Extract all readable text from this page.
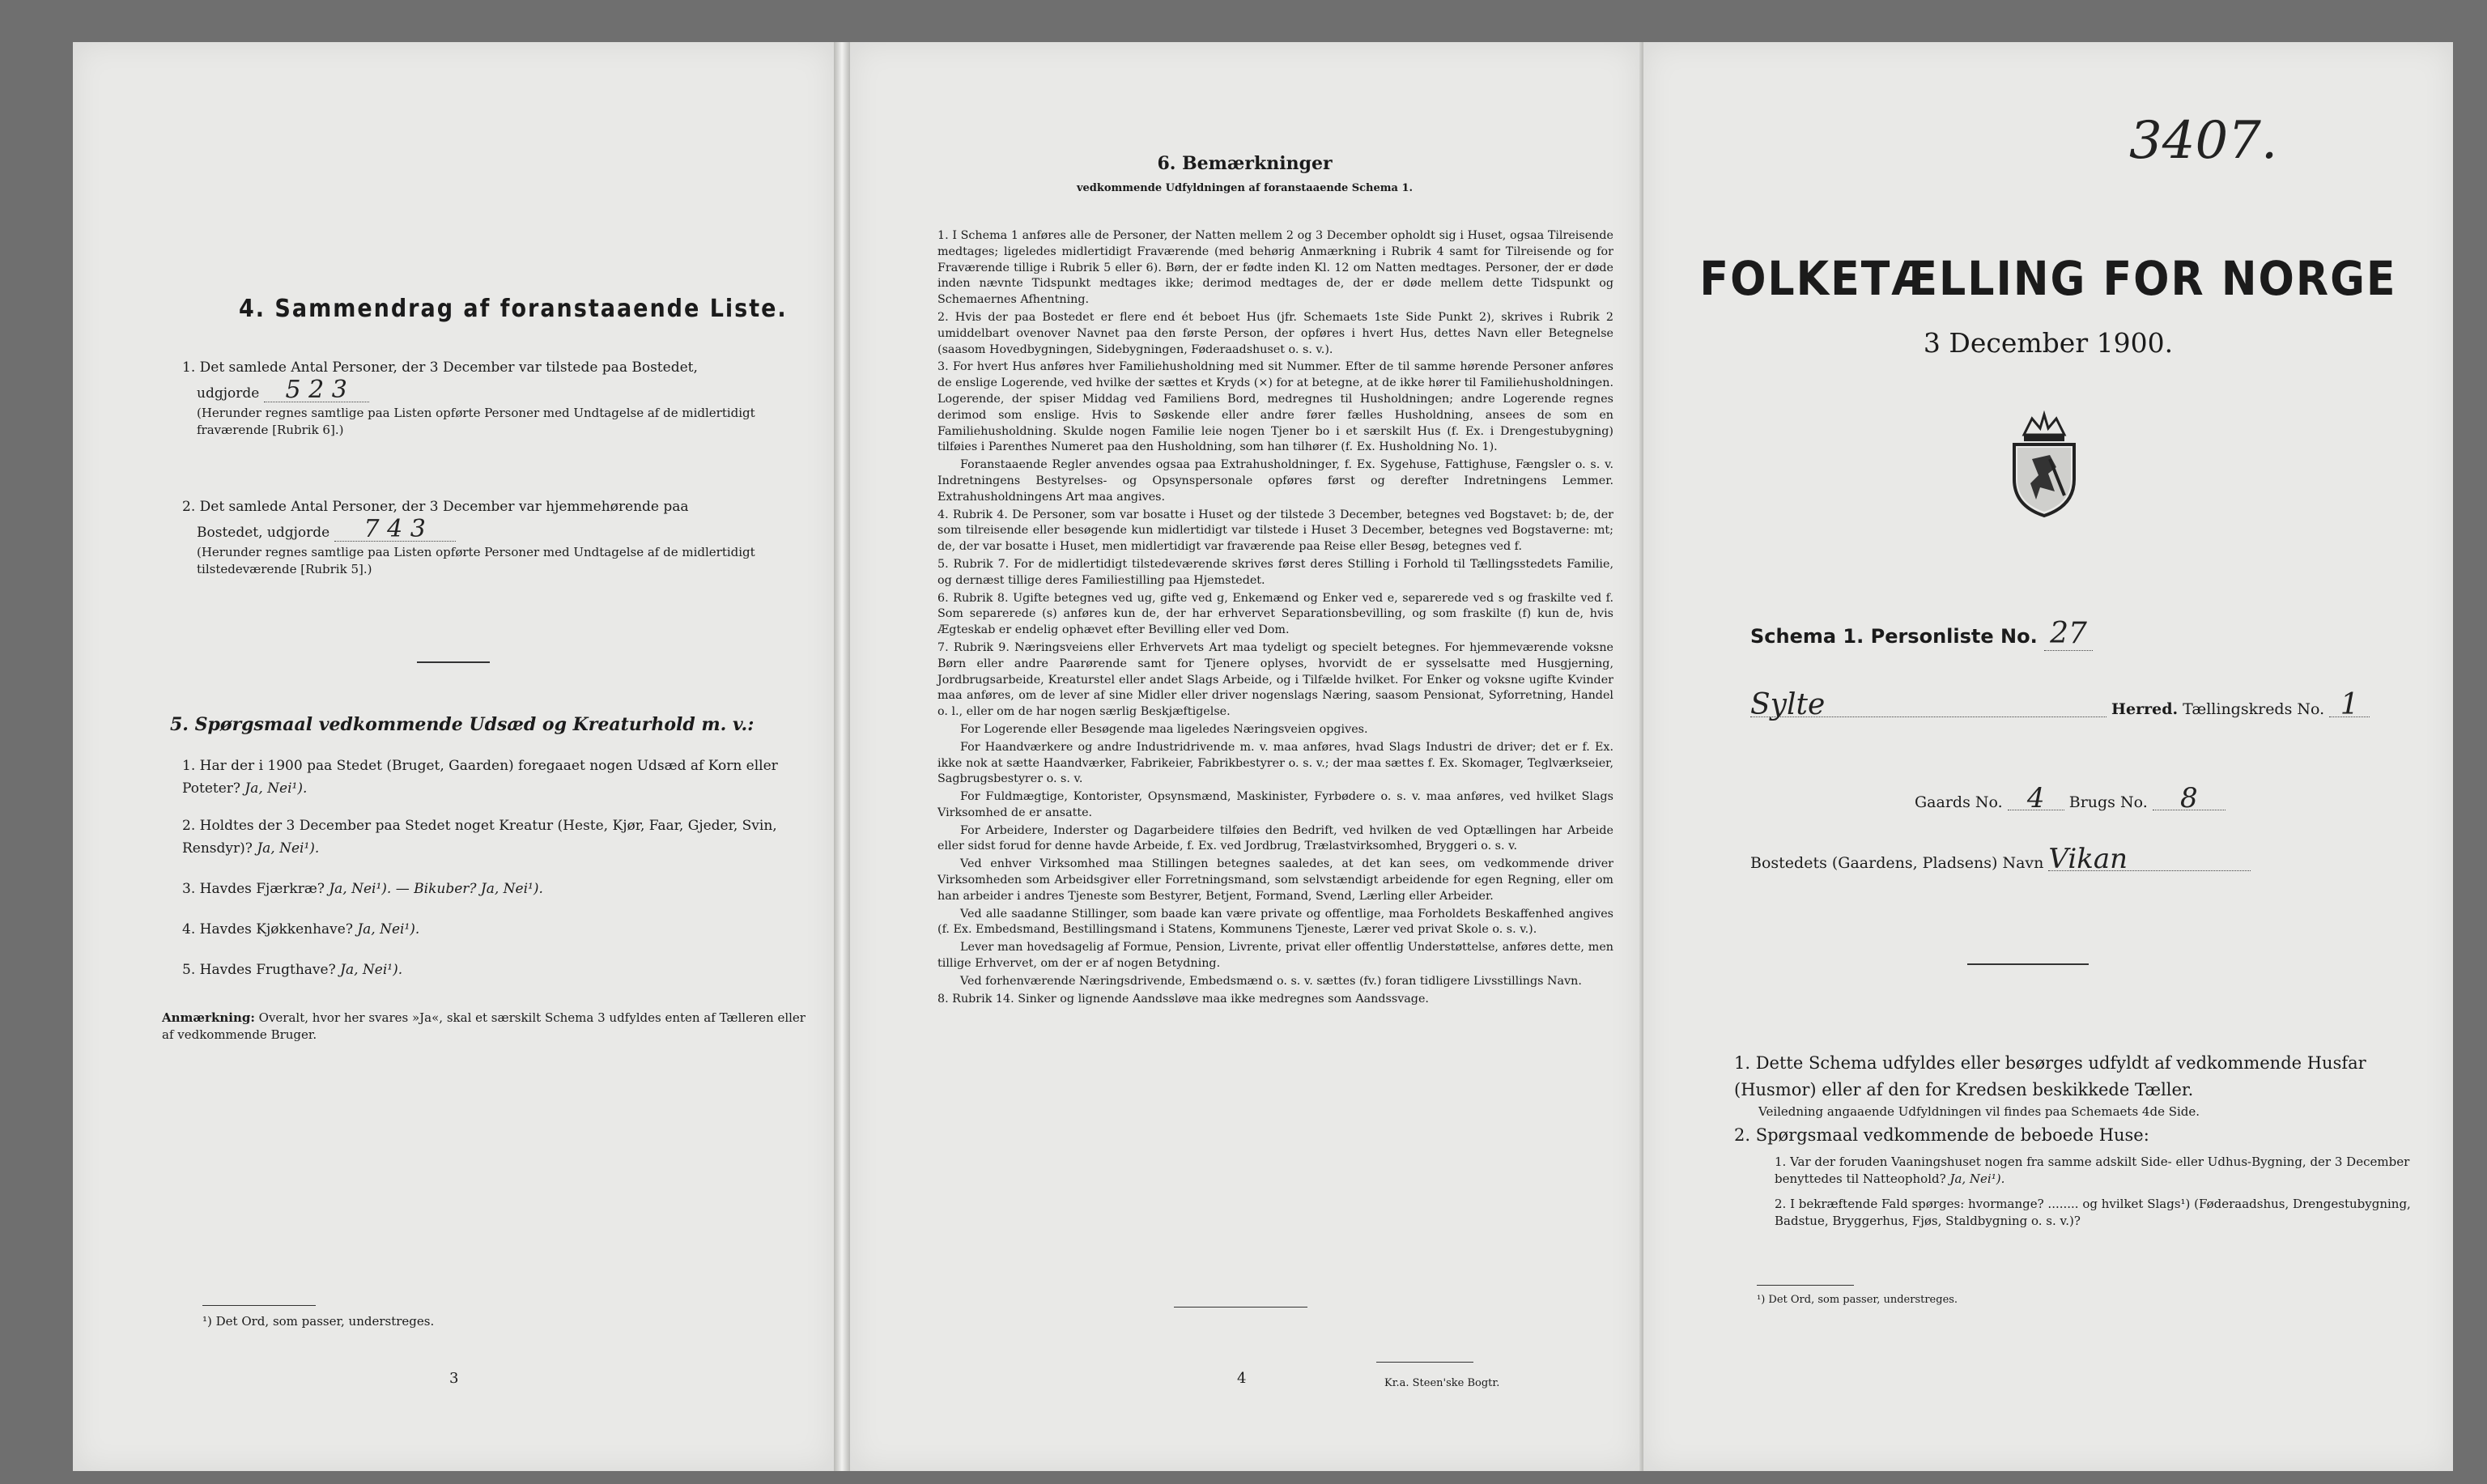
4. Sammendrag af foranstaaende Liste.
1. Det samlede Antal Personer, der 3 December var tilstede paa Bostedet,
udgjorde 5 2 3
(Herunder regnes samtlige paa Listen opførte Personer med Undtagelse af de midlertidigt fraværende [Rubrik 6].)
2. Det samlede Antal Personer, der 3 December var hjemmehørende paa
Bostedet, udgjorde 7 4 3
(Herunder regnes samtlige paa Listen opførte Personer med Undtagelse af de midlertidigt tilstedeværende [Rubrik 5].)
5. Spørgsmaal vedkommende Udsæd og Kreaturhold m. v.:
1. Har der i 1900 paa Stedet (Bruget, Gaarden) foregaaet nogen Udsæd af Korn eller Poteter? Ja, Nei¹).
2. Holdtes der 3 December paa Stedet noget Kreatur (Heste, Kjør, Faar, Gjeder, Svin, Rensdyr)? Ja, Nei¹).
3. Havdes Fjærkræ? Ja, Nei¹). — Bikuber? Ja, Nei¹).
4. Havdes Kjøkkenhave? Ja, Nei¹).
5. Havdes Frugthave? Ja, Nei¹).
Anmærkning: Overalt, hvor her svares »Ja«, skal et særskilt Schema 3 udfyldes enten af Tælleren eller af vedkommende Bruger.
¹) Det Ord, som passer, understreges.
3
6. Bemærkninger
vedkommende Udfyldningen af foranstaaende Schema 1.
1. I Schema 1 anføres alle de Personer, der Natten mellem 2 og 3 December opholdt sig i Huset, ogsaa Tilreisende medtages; ligeledes midlertidigt Fraværende (med behørig Anmærkning i Rubrik 4 samt for Tilreisende og for Fraværende tillige i Rubrik 5 eller 6). Børn, der er fødte inden Kl. 12 om Natten medtages. Personer, der er døde inden nævnte Tidspunkt medtages ikke; derimod medtages de, der er døde mellem dette Tidspunkt og Schemaernes Afhentning.
2. Hvis der paa Bostedet er flere end ét beboet Hus (jfr. Schemaets 1ste Side Punkt 2), skrives i Rubrik 2 umiddelbart ovenover Navnet paa den første Person, der opføres i hvert Hus, dettes Navn eller Betegnelse (saasom Hovedbygningen, Sidebygningen, Føderaadshuset o. s. v.).
3. For hvert Hus anføres hver Familiehusholdning med sit Nummer. Efter de til samme hørende Personer anføres de enslige Logerende, ved hvilke der sættes et Kryds (×) for at betegne, at de ikke hører til Familiehusholdningen. Logerende, der spiser Middag ved Familiens Bord, medregnes til Husholdningen; andre Logerende regnes derimod som enslige. Hvis to Søskende eller andre fører fælles Husholdning, ansees de som en Familiehusholdning. Skulde nogen Familie leie nogen Tjener bo i et særskilt Hus (f. Ex. i Drengestubygning) tilføies i Parenthes Numeret paa den Husholdning, som han tilhører (f. Ex. Husholdning No. 1).
Foranstaaende Regler anvendes ogsaa paa Extrahusholdninger, f. Ex. Sygehuse, Fattighuse, Fængsler o. s. v. Indretningens Bestyrelses- og Opsynspersonale opføres først og derefter Indretningens Lemmer. Extrahusholdningens Art maa angives.
4. Rubrik 4. De Personer, som var bosatte i Huset og der tilstede 3 December, betegnes ved Bogstavet: b; de, der som tilreisende eller besøgende kun midlertidigt var tilstede i Huset 3 December, betegnes ved Bogstaverne: mt; de, der var bosatte i Huset, men midlertidigt var fraværende paa Reise eller Besøg, betegnes ved f.
5. Rubrik 7. For de midlertidigt tilstedeværende skrives først deres Stilling i Forhold til Tællingsstedets Familie, og dernæst tillige deres Familiestilling paa Hjemstedet.
6. Rubrik 8. Ugifte betegnes ved ug, gifte ved g, Enkemænd og Enker ved e, separerede ved s og fraskilte ved f. Som separerede (s) anføres kun de, der har erhvervet Separationsbevilling, og som fraskilte (f) kun de, hvis Ægteskab er endelig ophævet efter Bevilling eller ved Dom.
7. Rubrik 9. Næringsveiens eller Erhvervets Art maa tydeligt og specielt betegnes. For hjemmeværende voksne Børn eller andre Paarørende samt for Tjenere oplyses, hvorvidt de er sysselsatte med Husgjerning, Jordbrugsarbeide, Kreaturstel eller andet Slags Arbeide, og i Tilfælde hvilket. For Enker og voksne ugifte Kvinder maa anføres, om de lever af sine Midler eller driver nogenslags Næring, saasom Pensionat, Syforretning, Handel o. l., eller om de har nogen særlig Beskjæftigelse.
For Logerende eller Besøgende maa ligeledes Næringsveien opgives.
For Haandværkere og andre Industridrivende m. v. maa anføres, hvad Slags Industri de driver; det er f. Ex. ikke nok at sætte Haandværker, Fabrikeier, Fabrikbestyrer o. s. v.; der maa sættes f. Ex. Skomager, Teglværkseier, Sagbrugsbestyrer o. s. v.
For Fuldmægtige, Kontorister, Opsynsmænd, Maskinister, Fyrbødere o. s. v. maa anføres, ved hvilket Slags Virksomhed de er ansatte.
For Arbeidere, Inderster og Dagarbeidere tilføies den Bedrift, ved hvilken de ved Optællingen har Arbeide eller sidst forud for denne havde Arbeide, f. Ex. ved Jordbrug, Trælastvirksomhed, Bryggeri o. s. v.
Ved enhver Virksomhed maa Stillingen betegnes saaledes, at det kan sees, om vedkommende driver Virksomheden som Arbeidsgiver eller Forretningsmand, som selvstændigt arbeidende for egen Regning, eller om han arbeider i andres Tjeneste som Bestyrer, Betjent, Formand, Svend, Lærling eller Arbeider.
Ved alle saadanne Stillinger, som baade kan være private og offentlige, maa Forholdets Beskaffenhed angives (f. Ex. Embedsmand, Bestillingsmand i Statens, Kommunens Tjeneste, Lærer ved privat Skole o. s. v.).
Lever man hovedsagelig af Formue, Pension, Livrente, privat eller offentlig Understøttelse, anføres dette, men tillige Erhvervet, om der er af nogen Betydning.
Ved forhenværende Næringsdrivende, Embedsmænd o. s. v. sættes (fv.) foran tidligere Livsstillings Navn.
8. Rubrik 14. Sinker og lignende Aandssløve maa ikke medregnes som Aandssvage.
4	Kr.a. Steen'ske Bogtr.
3407.
FOLKETÆLLING FOR NORGE
3 December 1900.
Schema 1. Personliste No. 27
Sylte	Herred. Tællingskreds No. 1
Gaards No. 4 Brugs No. 8
Bostedets (Gaardens, Pladsens) Navn Vikan
1. Dette Schema udfyldes eller besørges udfyldt af vedkommende Husfar (Husmor) eller af den for Kredsen beskikkede Tæller.
Veiledning angaaende Udfyldningen vil findes paa Schemaets 4de Side.
2. Spørgsmaal vedkommende de beboede Huse:
1. Var der foruden Vaaningshuset nogen fra samme adskilt Side- eller Udhus-Bygning, der 3 December benyttedes til Natteophold? Ja, Nei¹).
2. I bekræftende Fald spørges: hvormange? ........ og hvilket Slags¹) (Føderaadshus, Drengestubygning, Badstue, Bryggerhus, Fjøs, Staldbygning o. s. v.)?
¹) Det Ord, som passer, understreges.
